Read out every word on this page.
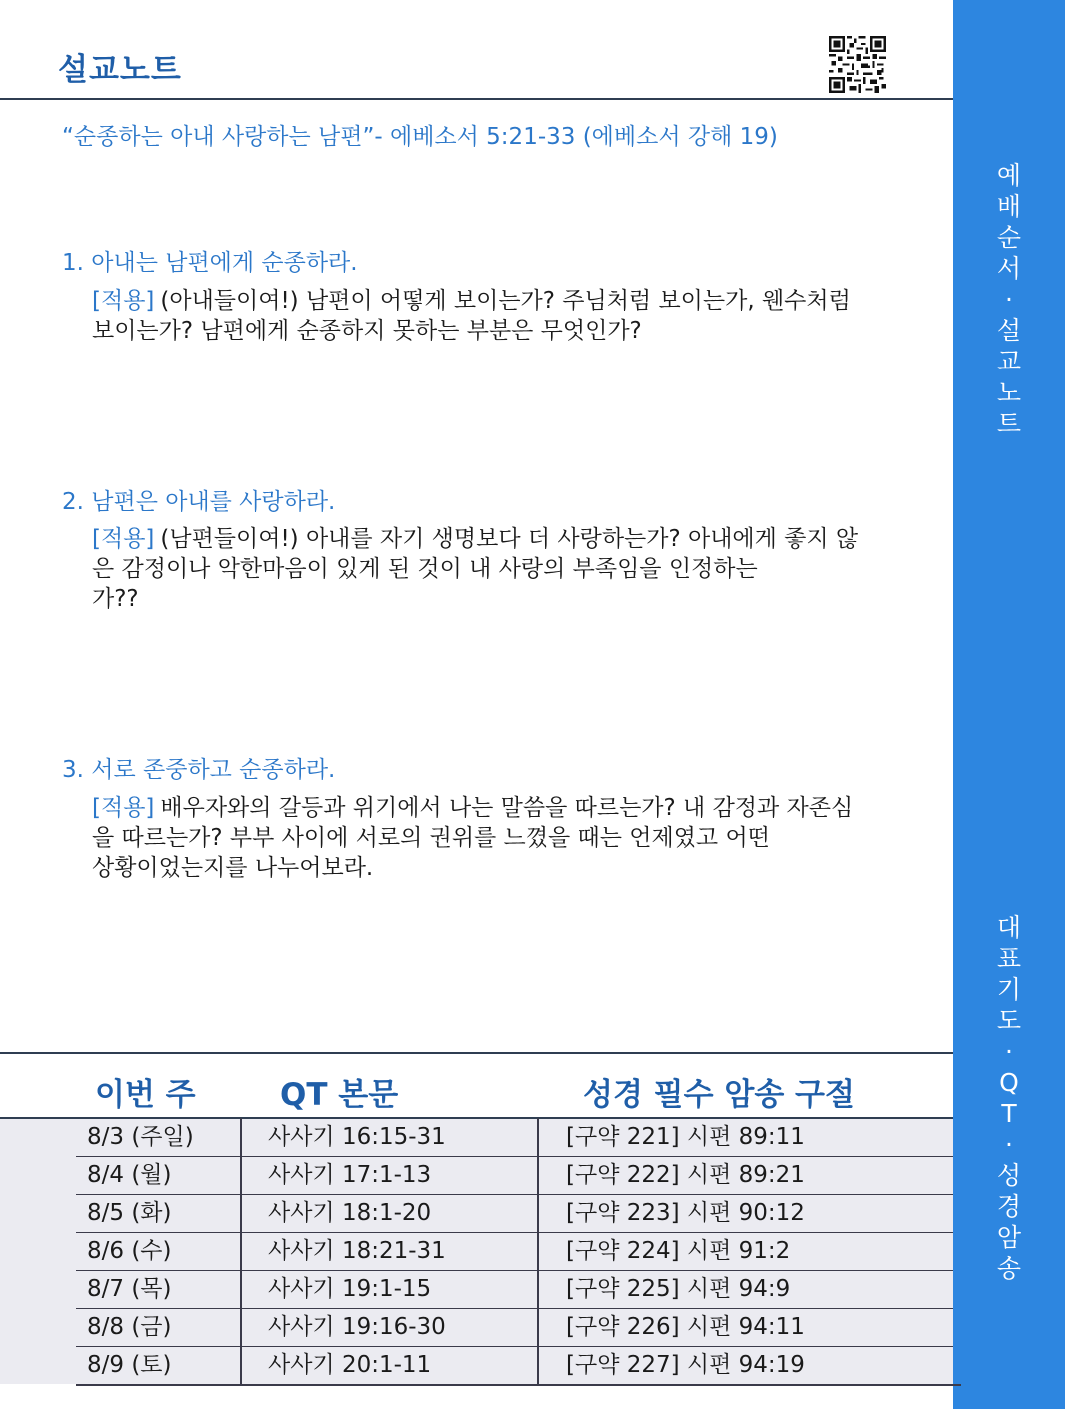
설교노트
“순종하는 아내 사랑하는 남편”- 에베소서 5:21-33 (에베소서 강해 19)
1. 아내는 남편에게 순종하라.
[적용] (아내들이여!) 남편이 어떻게 보이는가? 주님처럼 보이는가, 웬수처럼
보이는가? 남편에게 순종하지 못하는 부분은 무엇인가?
2. 남편은 아내를 사랑하라.
[적용] (남편들이여!) 아내를 자기 생명보다 더 사랑하는가? 아내에게 좋지 않
은 감정이나 악한마음이 있게 된 것이 내 사랑의 부족임을 인정하는
가??
3. 서로 존중하고 순종하라.
[적용] 배우자와의 갈등과 위기에서 나는 말씀을 따르는가? 내 감정과 자존심
을 따르는가? 부부 사이에 서로의 권위를 느꼈을 때는 언제였고 어떤
상황이었는지를 나누어보라.
예
배
순
서
·
설
교
노
트
대
표
기
도
·
Q
T
·
성
경
암
송
이번 주	QT 본문	성경 필수 암송 구절
8/3 (주일)	사사기 16:15-31	[구약 221] 시편 89:11
8/4 (월)	사사기 17:1-13	[구약 222] 시편 89:21
8/5 (화)	사사기 18:1-20	[구약 223] 시편 90:12
8/6 (수)	사사기 18:21-31	[구약 224] 시편 91:2
8/7 (목)	사사기 19:1-15	[구약 225] 시편 94:9
8/8 (금)	사사기 19:16-30	[구약 226] 시편 94:11
8/9 (토)	사사기 20:1-11	[구약 227] 시편 94:19
